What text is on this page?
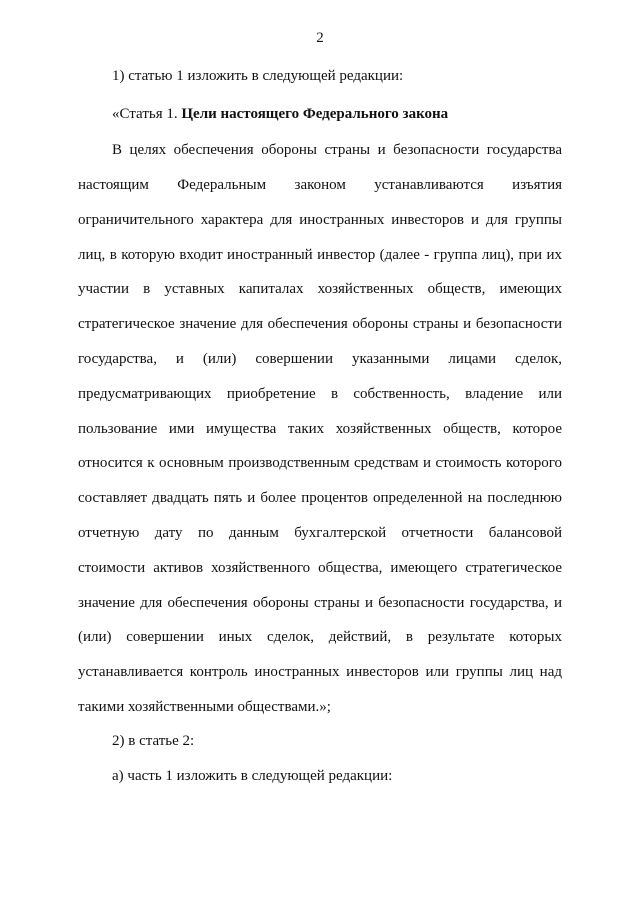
2
1) статью 1 изложить в следующей редакции:
«Статья 1. Цели настоящего Федерального закона
В целях обеспечения обороны страны и безопасности государства
настоящим Федеральным законом устанавливаются изъятия
ограничительного характера для иностранных инвесторов и для группы
лиц, в которую входит иностранный инвестор (далее - группа лиц), при их
участии в уставных капиталах хозяйственных обществ, имеющих
стратегическое значение для обеспечения обороны страны и безопасности
государства, и (или) совершении указанными лицами сделок,
предусматривающих приобретение в собственность, владение или
пользование ими имущества таких хозяйственных обществ, которое
относится к основным производственным средствам и стоимость которого
составляет двадцать пять и более процентов определенной на последнюю
отчетную дату по данным бухгалтерской отчетности балансовой
стоимости активов хозяйственного общества, имеющего стратегическое
значение для обеспечения обороны страны и безопасности государства, и
(или) совершении иных сделок, действий, в результате которых
устанавливается контроль иностранных инвесторов или группы лиц над
такими хозяйственными обществами.»;
2) в статье 2:
а) часть 1 изложить в следующей редакции:
